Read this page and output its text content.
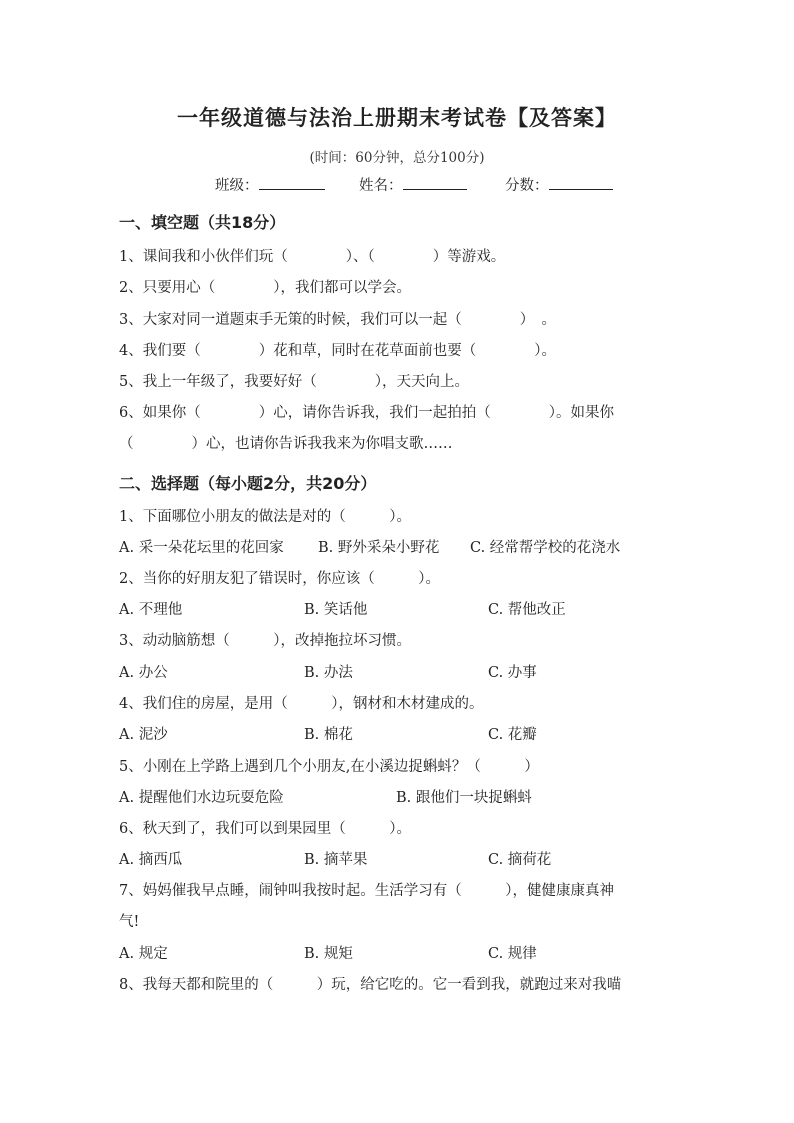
一年级道德与法治上册期末考试卷【及答案】
(时间：60分钟，总分100分)
班级：	姓名：	分数：
一、填空题（共18分）
1、课间我和小伙伴们玩（　　　　）、（　　　　）等游戏。
2、只要用心（　　　　），我们都可以学会。
3、大家对同一道题束手无策的时候，我们可以一起（　　　　）　。
4、我们要（　　　　）花和草，同时在花草面前也要（　　　　）。
5、我上一年级了，我要好好（　　　　），天天向上。
6、如果你（　　　　）心，请你告诉我，我们一起拍拍（　　　　）。如果你
（　　　　）心，也请你告诉我我来为你唱支歌……
二、选择题（每小题2分，共20分）
1、下面哪位小朋友的做法是对的（　　　）。
A. 采一朵花坛里的花回家 B. 野外采朵小野花 C. 经常帮学校的花浇水
2、当你的好朋友犯了错误时，你应该（　　　）。
A. 不理他	B. 笑话他	C. 帮他改正
3、动动脑筋想（　　　），改掉拖拉坏习惯。
A. 办公	B. 办法	C. 办事
4、我们住的房屋，是用（　　　），钢材和木材建成的。
A. 泥沙	B. 棉花	C. 花瓣
5、小刚在上学路上遇到几个小朋友,在小溪边捉蝌蚪？（　　　）
A. 提醒他们水边玩耍危险	B. 跟他们一块捉蝌蚪
6、秋天到了，我们可以到果园里（　　　）。
A. 摘西瓜	B. 摘苹果	C. 摘荷花
7、妈妈催我早点睡，闹钟叫我按时起。生活学习有（　　　），健健康康真神
气!
A. 规定	B. 规矩	C. 规律
8、我每天都和院里的（　　　）玩，给它吃的。它一看到我，就跑过来对我喵
